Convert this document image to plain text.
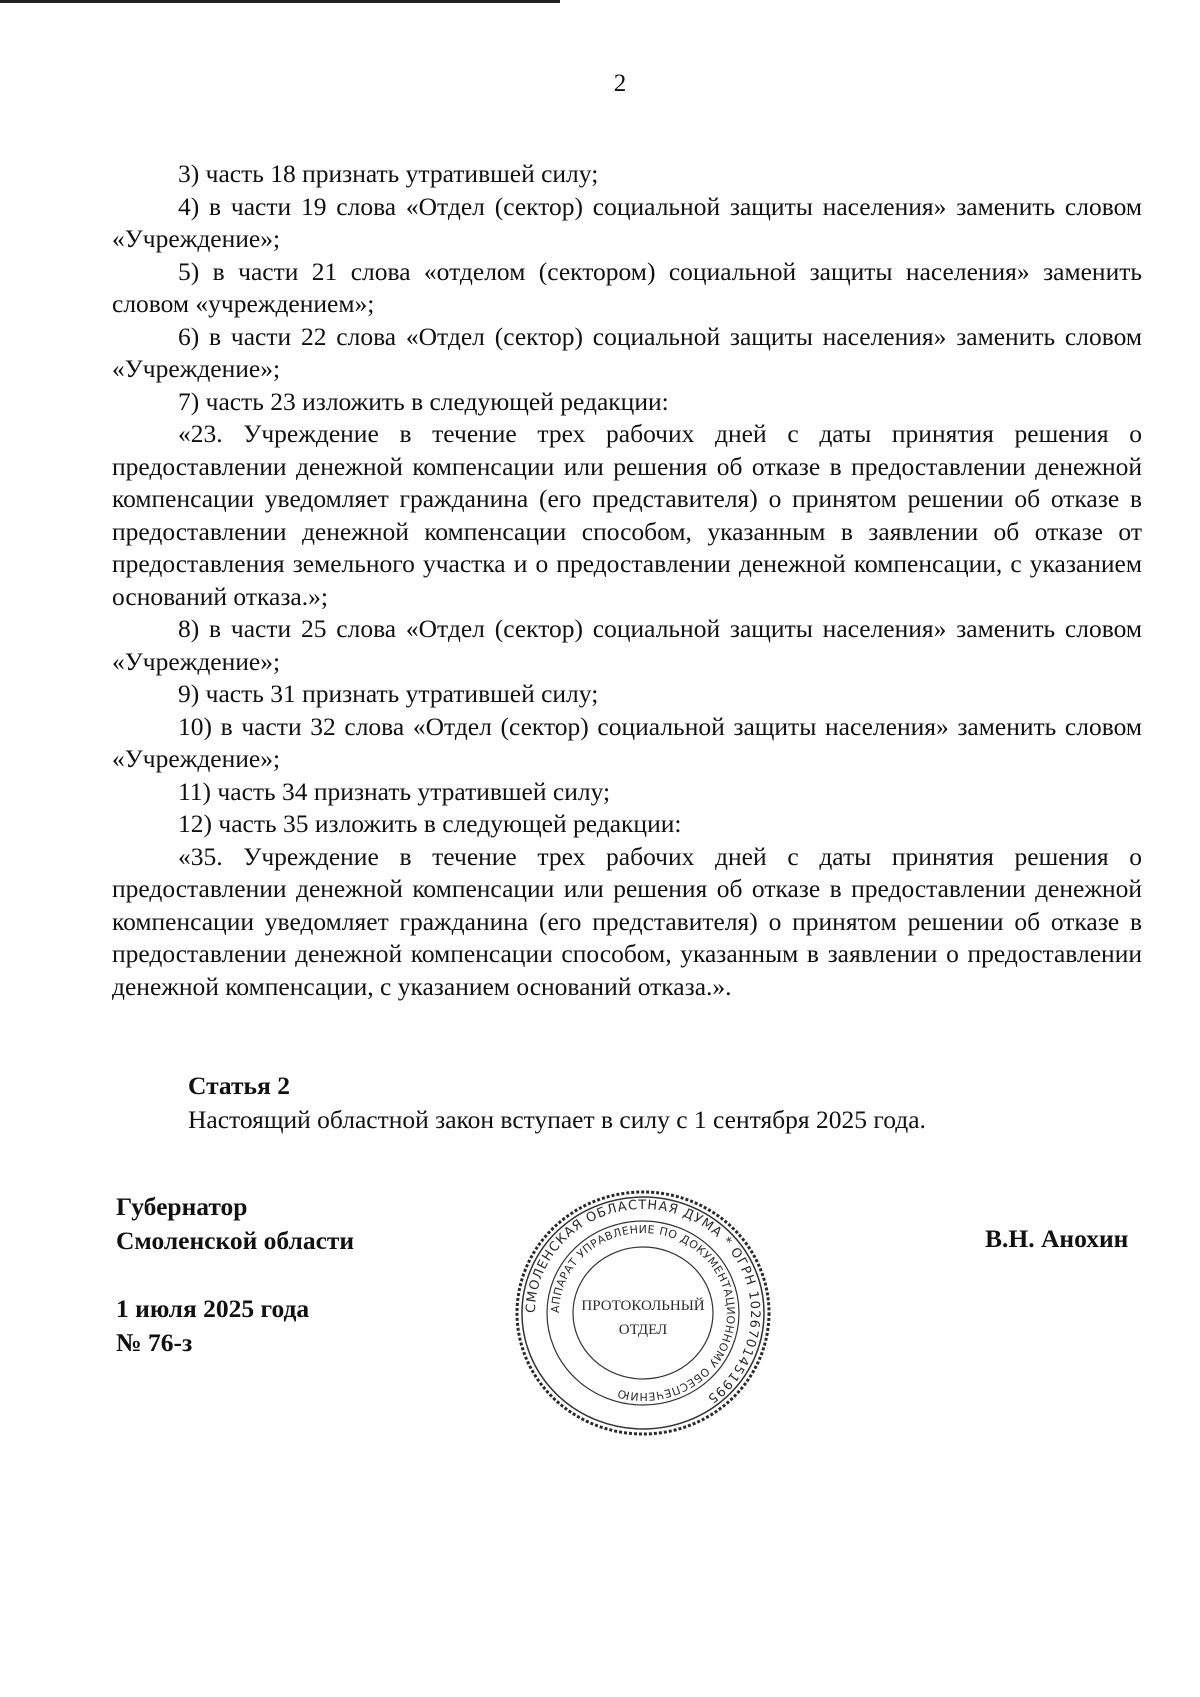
2

3) часть 18 признать утратившей силу;

4) в части 19 слова «Отдел (сектор) социальной защиты населения» заменить словом «Учреждение»;

5) в части 21 слова «отделом (сектором) социальной защиты населения» заменить словом «учреждением»;

6) в части 22 слова «Отдел (сектор) социальной защиты населения» заменить словом «Учреждение»;

7) часть 23 изложить в следующей редакции:

«23. Учреждение в течение трех рабочих дней с даты принятия решения о предоставлении денежной компенсации или решения об отказе в предоставлении денежной компенсации уведомляет гражданина (его представителя) о принятом решении об отказе в предоставлении денежной компенсации способом, указанным в заявлении об отказе от предоставления земельного участка и о предоставлении денежной компенсации, с указанием оснований отказа.»;

8) в части 25 слова «Отдел (сектор) социальной защиты населения» заменить словом «Учреждение»;

9) часть 31 признать утратившей силу;

10) в части 32 слова «Отдел (сектор) социальной защиты населения» заменить словом «Учреждение»;

11) часть 34 признать утратившей силу;

12) часть 35 изложить в следующей редакции:

«35. Учреждение в течение трех рабочих дней с даты принятия решения о предоставлении денежной компенсации или решения об отказе в предоставлении денежной компенсации уведомляет гражданина (его представителя) о принятом решении об отказе в предоставлении денежной компенсации способом, указанным в заявлении о предоставлении денежной компенсации, с указанием оснований отказа.».

Статья 2
Настоящий областной закон вступает в силу с 1 сентября 2025 года.
Губернатор
Смоленской области
1 июля 2025 года
№ 76-з
В.Н. Анохин
СМОЛЕНСКАЯ ОБЛАСТНАЯ ДУМА * ОГРН 1026701451995
АППАРАТ УПРАВЛЕНИЕ ПО ДОКУМЕНТАЦИОННОМУ ОБЕСПЕЧЕНИЮ
ПРОТОКОЛЬНЫЙ
ОТДЕЛ
